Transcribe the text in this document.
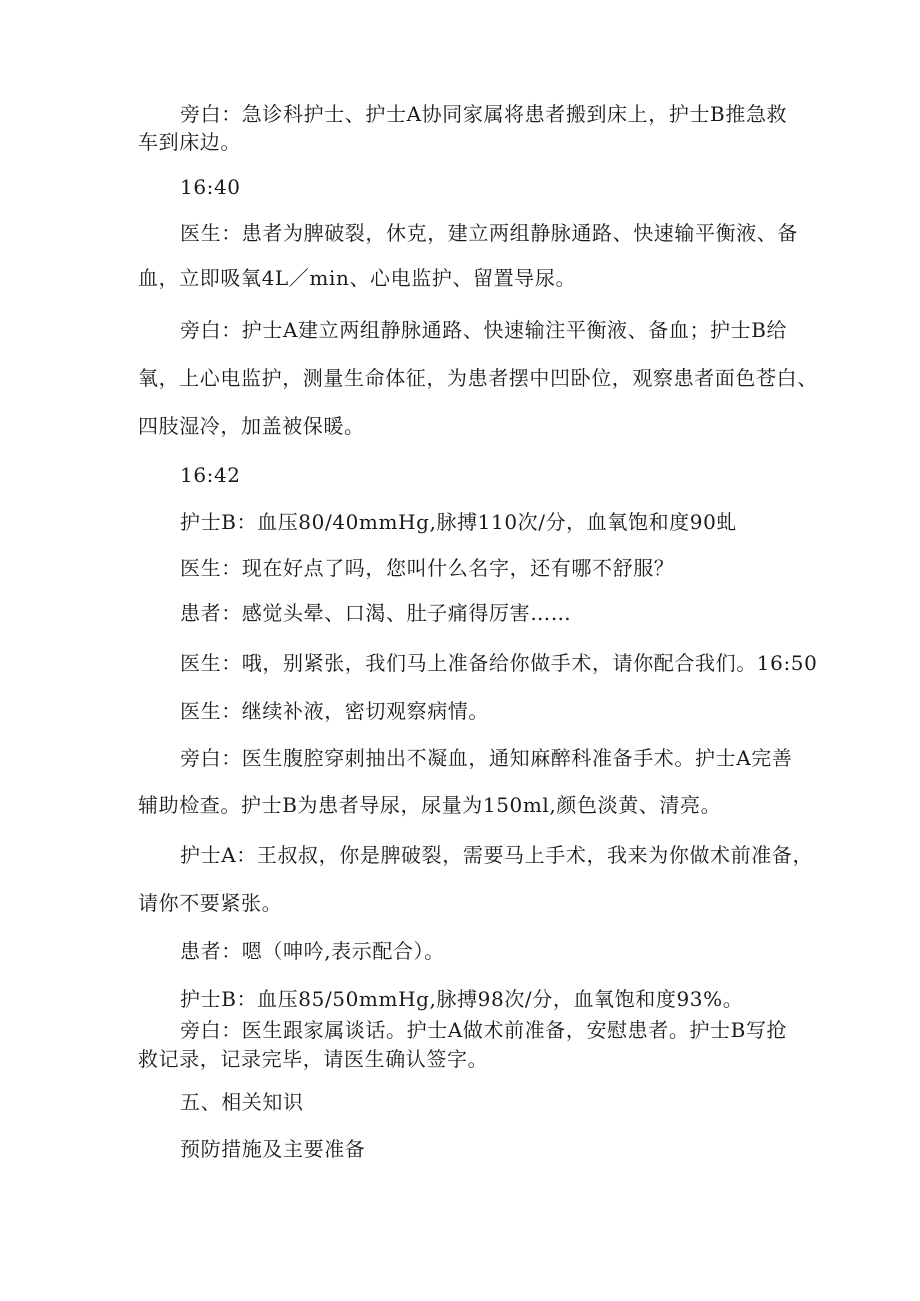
旁白：急诊科护士、护士A协同家属将患者搬到床上，护士B推急救
车到床边。
16:40
医生：患者为脾破裂，休克，建立两组静脉通路、快速输平衡液、备
血，立即吸氧4L／min、心电监护、留置导尿。
旁白：护士A建立两组静脉通路、快速输注平衡液、备血；护士B给
氧，上心电监护，测量生命体征，为患者摆中凹卧位，观察患者面色苍白、
四肢湿冷，加盖被保暖。
16:42
护士B：血压80/40mmHg,脉搏110次/分，血氧饱和度90虬
医生：现在好点了吗，您叫什么名字，还有哪不舒服？
患者：感觉头晕、口渴、肚子痛得厉害……
医生：哦，别紧张，我们马上准备给你做手术，请你配合我们。16:50
医生：继续补液，密切观察病情。
旁白：医生腹腔穿刺抽出不凝血，通知麻醉科准备手术。护士A完善
辅助检查。护士B为患者导尿，尿量为150ml,颜色淡黄、清亮。
护士A：王叔叔，你是脾破裂，需要马上手术，我来为你做术前准备，
请你不要紧张。
患者：嗯（呻吟,表示配合）。
护士B：血压85/50mmHg,脉搏98次/分，血氧饱和度93%。
旁白：医生跟家属谈话。护士A做术前准备，安慰患者。护士B写抢
救记录，记录完毕，请医生确认签字。
五、相关知识
预防措施及主要准备
